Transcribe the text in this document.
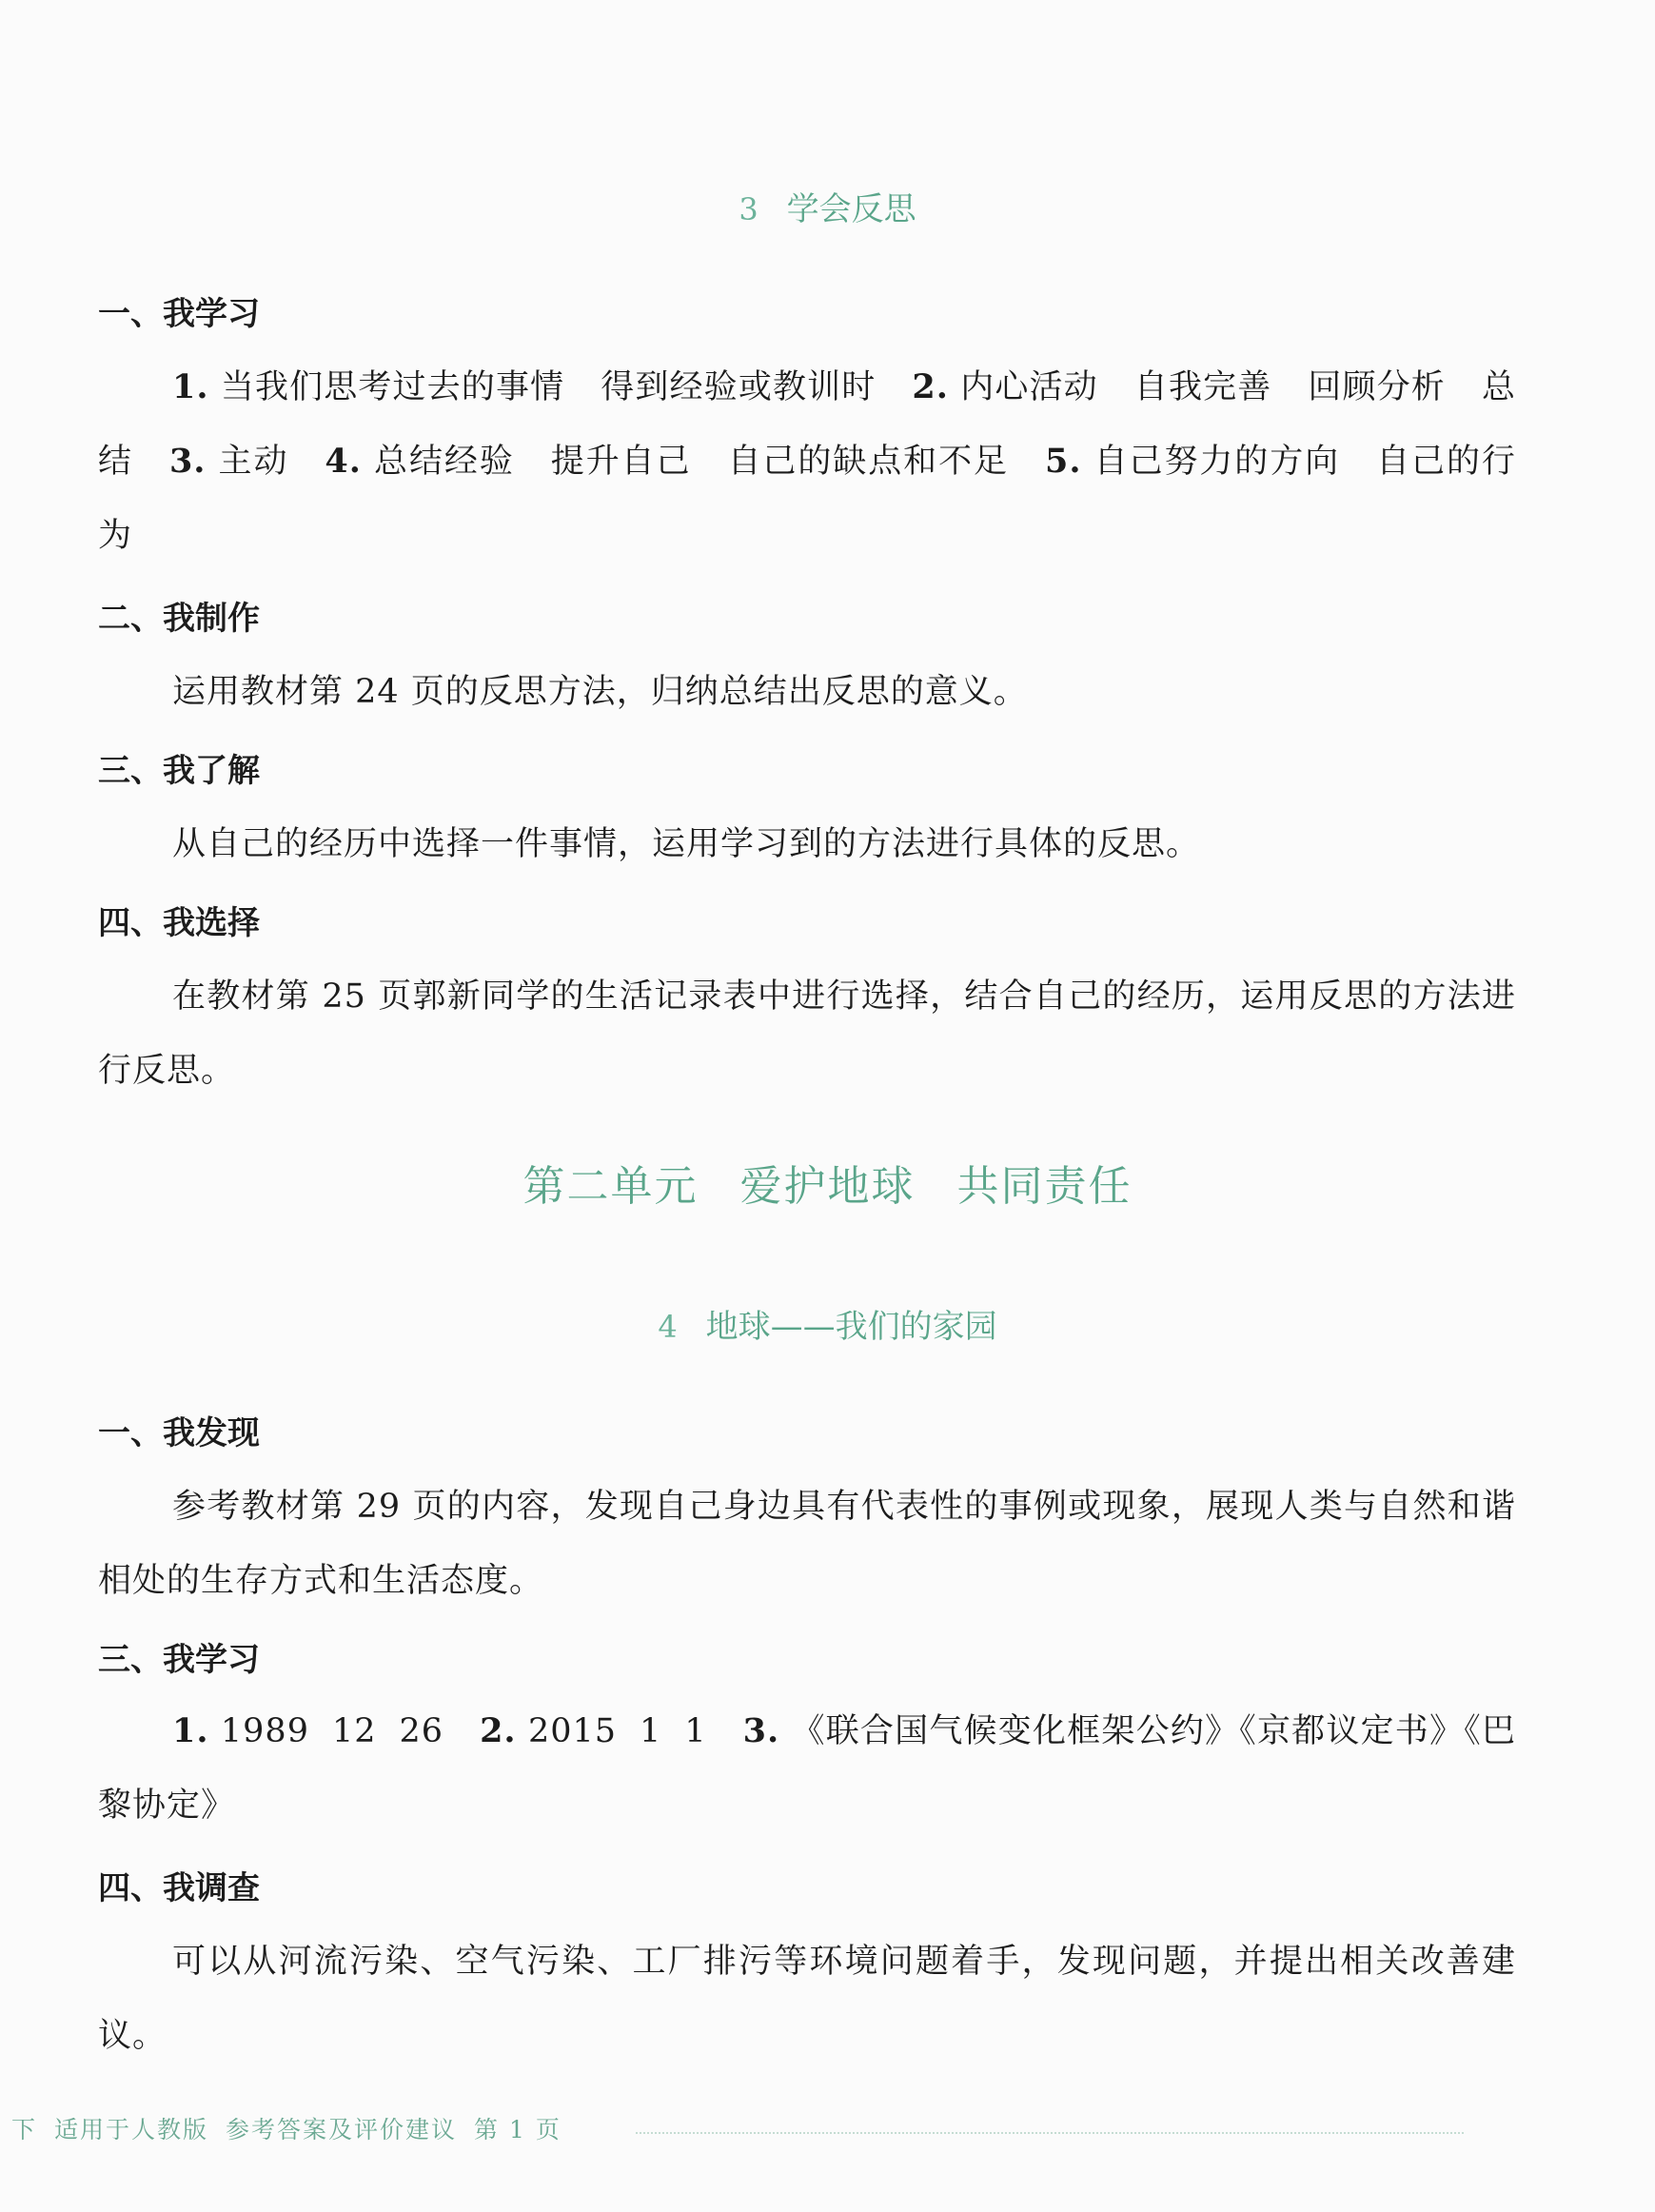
3 学会反思
一、我学习
1. 当我们思考过去的事情 得到经验或教训时 2. 内心活动 自我完善 回顾分析 总结 3. 主动 4. 总结经验 提升自己 自己的缺点和不足 5. 自己努力的方向 自己的行为
二、我制作
运用教材第 24 页的反思方法，归纳总结出反思的意义。
三、我了解
从自己的经历中选择一件事情，运用学习到的方法进行具体的反思。
四、我选择
在教材第 25 页郭新同学的生活记录表中进行选择，结合自己的经历，运用反思的方法进行反思。
第二单元 爱护地球 共同责任
4 地球——我们的家园
一、我发现
参考教材第 29 页的内容，发现自己身边具有代表性的事例或现象，展现人类与自然和谐相处的生存方式和生活态度。
三、我学习
1. 1989 12 26 2. 2015 1 1 3. 《联合国气候变化框架公约》《京都议定书》《巴黎协定》
四、我调查
可以从河流污染、空气污染、工厂排污等环境问题着手，发现问题，并提出相关改善建议。
下 适用于人教版 参考答案及评价建议 第 1 页
